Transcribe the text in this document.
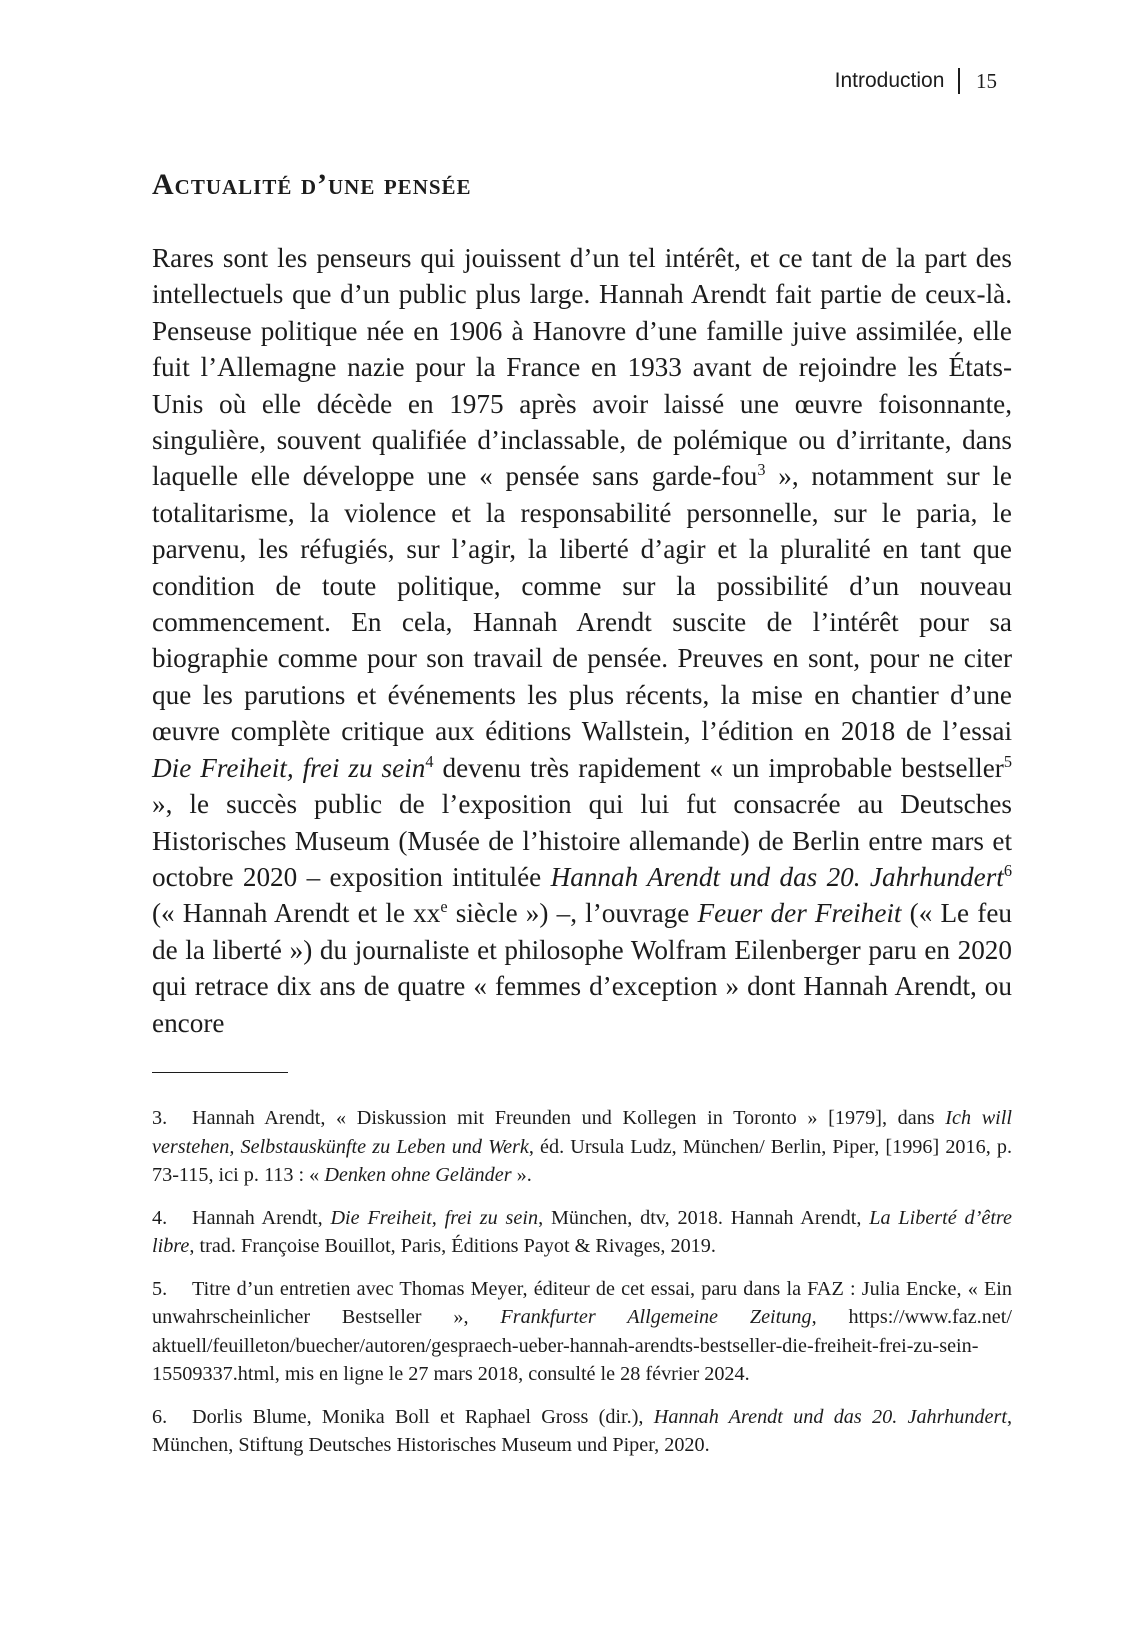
Introduction 15
Actualité d’une pensée

Rares sont les penseurs qui jouissent d’un tel intérêt, et ce tant de la part des intellectuels que d’un public plus large. Hannah Arendt fait partie de ceux-là. Penseuse politique née en 1906 à Hanovre d’une famille juive assimilée, elle fuit l’Allemagne nazie pour la France en 1933 avant de rejoindre les États-Unis où elle décède en 1975 après avoir laissé une œuvre foisonnante, singulière, souvent qualifiée d’inclassable, de polémique ou d’irritante, dans laquelle elle développe une « pensée sans garde-fou$^3$ », notamment sur le totalitarisme, la violence et la responsabilité personnelle, sur le paria, le parvenu, les réfugiés, sur l’agir, la liberté d’agir et la pluralité en tant que condition de toute politique, comme sur la possibilité d’un nouveau commencement. En cela, Hannah Arendt suscite de l’intérêt pour sa biographie comme pour son travail de pensée. Preuves en sont, pour ne citer que les parutions et événements les plus récents, la mise en chantier d’une œuvre complète critique aux éditions Wallstein, l’édition en 2018 de l’essai Die Freiheit, frei zu sein$^4$ devenu très rapidement « un improbable bestseller$^5$ », le succès public de l’exposition qui lui fut consacrée au Deutsches Historisches Museum (Musée de l’histoire allemande) de Berlin entre mars et octobre 2020 – exposition intitulée Hannah Arendt und das 20. Jahrhundert$^6$ (« Hannah Arendt et le $xx^e$ siècle ») –, l’ouvrage Feuer der Freiheit (« Le feu de la liberté ») du journaliste et philosophe Wolfram Eilenberger paru en 2020 qui retrace dix ans de quatre « femmes d’exception » dont Hannah Arendt, ou encore

3. Hannah Arendt, « Diskussion mit Freunden und Kollegen in Toronto » [1979], dans Ich will verstehen, Selbstauskünfte zu Leben und Werk, éd. Ursula Ludz, München/ Berlin, Piper, [1996] 2016, p. 73-115, ici p. 113 : « Denken ohne Geländer ».

4. Hannah Arendt, Die Freiheit, frei zu sein, München, dtv, 2018. Hannah Arendt, La Liberté d’être libre, trad. Françoise Bouillot, Paris, Éditions Payot & Rivages, 2019.

5. Titre d’un entretien avec Thomas Meyer, éditeur de cet essai, paru dans la FAZ : Julia Encke, « Ein unwahrscheinlicher Bestseller », Frankfurter Allgemeine Zeitung, https://www.faz.net/ aktuell/feuilleton/buecher/autoren/gespraech-ueber-hannah-arendts-bestseller-die-freiheit-frei-zu-sein-15509337.html, mis en ligne le 27 mars 2018, consulté le 28 février 2024.

6. Dorlis Blume, Monika Boll et Raphael Gross (dir.), Hannah Arendt und das 20. Jahrhundert, München, Stiftung Deutsches Historisches Museum und Piper, 2020.
